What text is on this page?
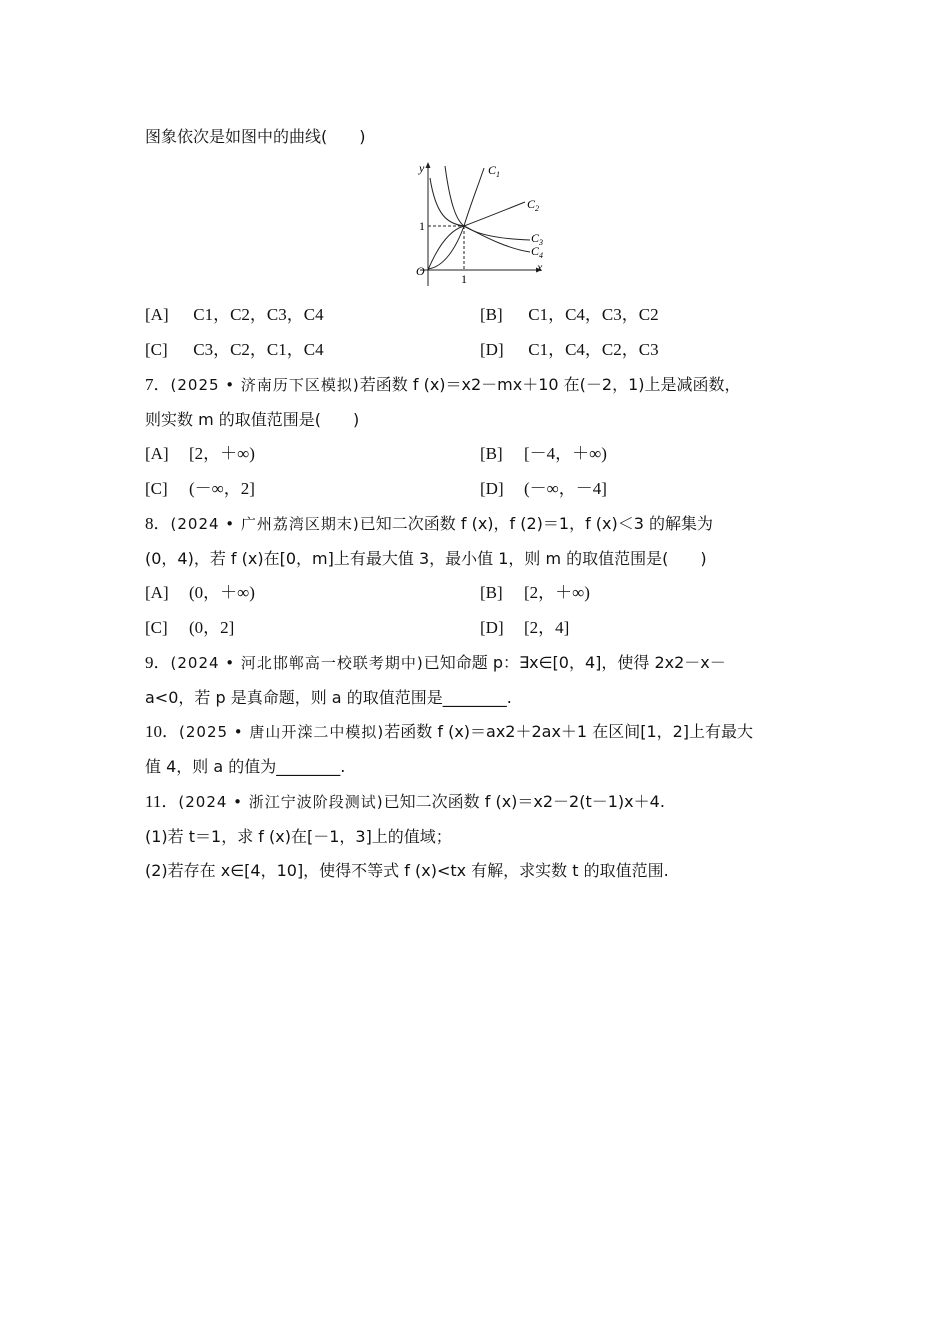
图象依次是如图中的曲线(　　)
y
x
O
1
1
$C_1$
$C_2$
$C_3$
$C_4$
[A] C1，C2，C3，C4	[B] C1，C4，C3，C2
[C] C3，C2，C1，C4	[D] C1，C4，C2，C3
7．(2025 • 济南历下区模拟)若函数 f (x)＝x2－mx＋10 在(－2，1)上是减函数，
则实数 m 的取值范围是(　　)
[A] [2，＋∞)	[B] [－4，＋∞)
[C] (－∞，2]	[D] (－∞，－4]
8．(2024 • 广州荔湾区期末)已知二次函数 f (x)，f (2)＝1，f (x)＜3 的解集为
(0，4)，若 f (x)在[0，m]上有最大值 3，最小值 1，则 m 的取值范围是(　　)
[A] (0，＋∞)	[B] [2，＋∞)
[C] (0，2]	[D] [2，4]
9．(2024 • 河北邯郸高一校联考期中)已知命题 p：∃x∈[0，4]，使得 2x2－x－
a<0，若 p 是真命题，则 a 的取值范围是________.
10．(2025 • 唐山开滦二中模拟)若函数 f (x)＝ax2＋2ax＋1 在区间[1，2]上有最大
值 4，则 a 的值为________.
11．(2024 • 浙江宁波阶段测试)已知二次函数 f (x)＝x2－2(t－1)x＋4.
(1)若 t＝1，求 f (x)在[－1，3]上的值域；
(2)若存在 x∈[4，10]，使得不等式 f (x)<tx 有解，求实数 t 的取值范围.
